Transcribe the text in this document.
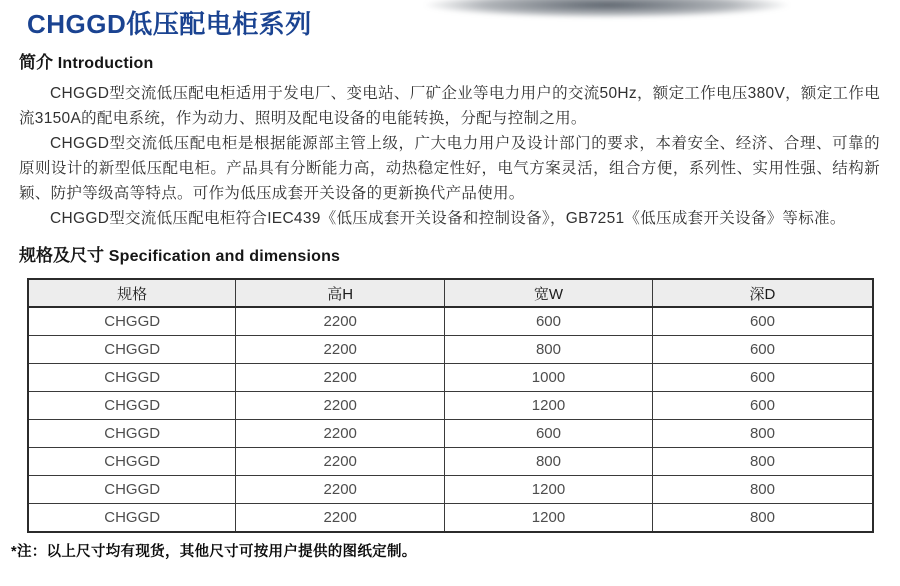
CHGGD低压配电柜系列
简介 Introduction

CHGGD型交流低压配电柜适用于发电厂、变电站、厂矿企业等电力用户的交流50Hz，额定工作电压380V，额定工作电流3150A的配电系统，作为动力、照明及配电设备的电能转换，分配与控制之用。

CHGGD型交流低压配电柜是根据能源部主管上级，广大电力用户及设计部门的要求，本着安全、经济、合理、可靠的原则设计的新型低压配电柜。产品具有分断能力高，动热稳定性好，电气方案灵活，组合方便，系列性、实用性强、结构新颖、防护等级高等特点。可作为低压成套开关设备的更新换代产品使用。

CHGGD型交流低压配电柜符合IEC439《低压成套开关设备和控制设备》，GB7251《低压成套开关设备》等标准。

规格及尺寸 Specification and dimensions
规格	高H	宽W	深D
CHGGD	2200	600	600
CHGGD	2200	800	600
CHGGD	2200	1000	600
CHGGD	2200	1200	600
CHGGD	2200	600	800
CHGGD	2200	800	800
CHGGD	2200	1200	800
CHGGD	2200	1200	800
*注：以上尺寸均有现货，其他尺寸可按用户提供的图纸定制。
